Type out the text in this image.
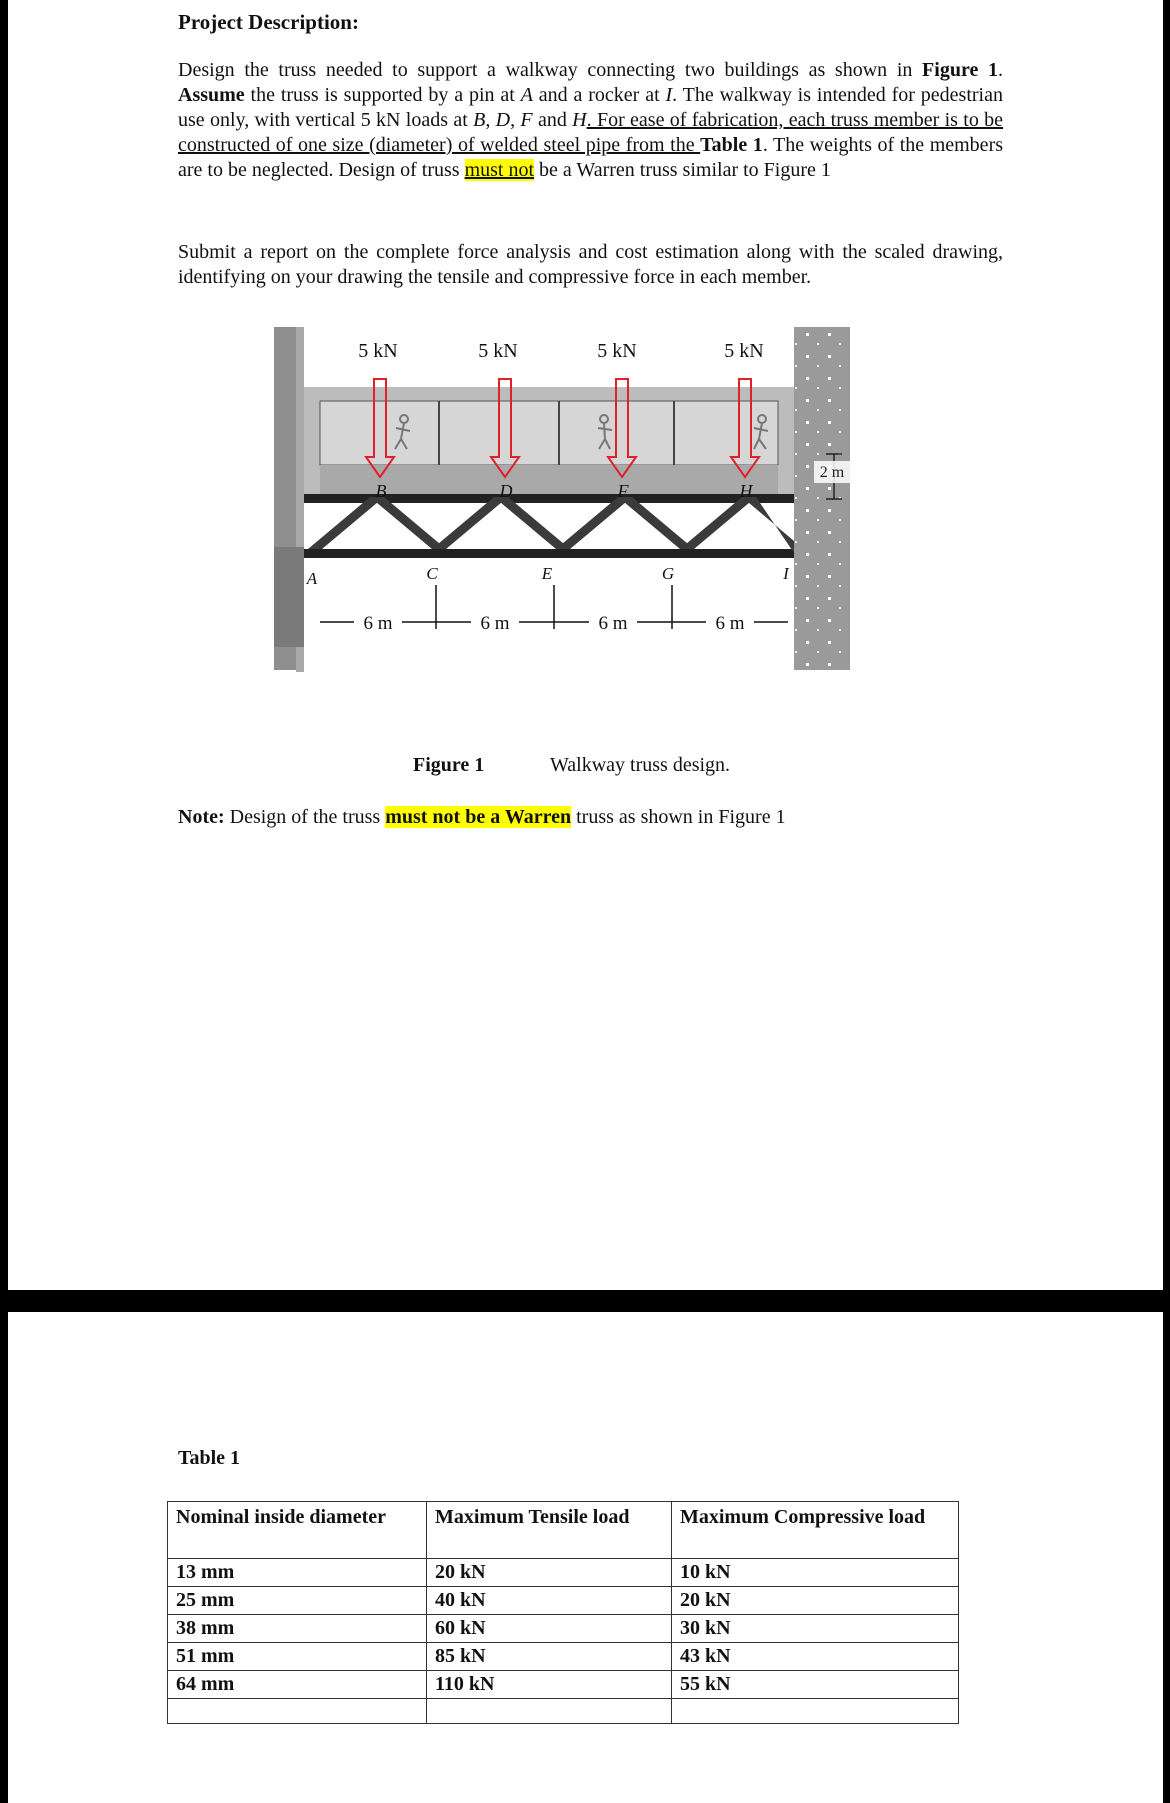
Project Description:
Design the truss needed to support a walkway connecting two buildings as shown in Figure 1. Assume the truss is supported by a pin at A and a rocker at I. The walkway is intended for pedestrian use only, with vertical 5 kN loads at B, D, F and H. For ease of fabrication, each truss member is to be constructed of one size (diameter) of welded steel pipe from the Table 1. The weights of the members are to be neglected. Design of truss must not be a Warren truss similar to Figure 1
Submit a report on the complete force analysis and cost estimation along with the scaled drawing, identifying on your drawing the tensile and compressive force in each member.
2 m
5 kN	5 kN	5 kN	5 kN
B	D	F	H
A	C	E	G	I
6 m	6 m	6 m	6 m
Figure 1	Walkway truss design.
Note: Design of the truss must not be a Warren truss as shown in Figure 1
Table 1
Nominal inside diameter	Maximum Tensile load	Maximum Compressive load
13 mm	20 kN	10 kN
25 mm	40 kN	20 kN
38 mm	60 kN	30 kN
51 mm	85 kN	43 kN
64 mm	110 kN	55 kN
